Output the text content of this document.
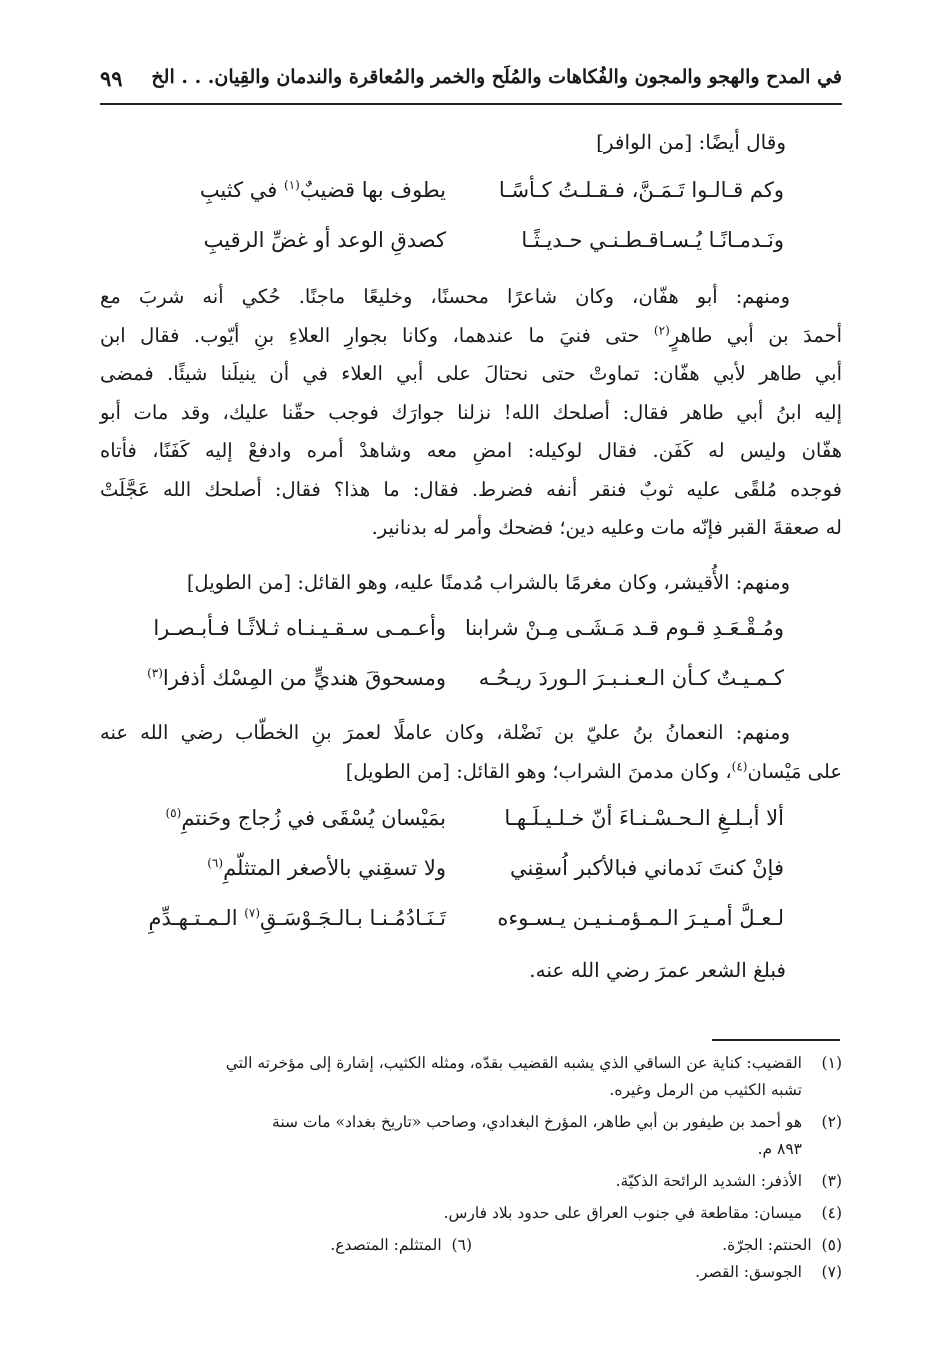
في المدح والهجو والمجون والفُكاهات والمُلَح والخمر والمُعاقرة والندمان والقِيان. . . الخ
٩٩
وقال أيضًا: [من الوافر]
وكم قـالـوا تَـمَـنَّ، فـقـلـتُ كـأسًـا
يطوف بها قضيبٌ$^{(١)}$ في كثيبِ
ونَـدمـانًـا يُـسـاقـطـنـي حـديـثًـا
كصدقِ الوعد أو غضِّ الرقيبِ
ومنهم: أبو هفّان، وكان شاعرًا محسنًا، وخليعًا ماجنًا. حُكي أنه شربَ مع
أحمدَ بن أبي طاهرٍ$^{(٢)}$ حتى فنيَ ما عندهما، وكانا بجوارِ العلاءِ بنِ أيّوب. فقال ابن
أبي طاهر لأبي هفّان: تماوتْ حتى نحتالَ على أبي العلاء في أن ينيلَنا شيئًا. فمضى
إليه ابنُ أبي طاهر فقال: أصلحك الله! نزلنا جوارَك فوجب حقّنا عليك، وقد مات أبو
هفّان وليس له كَفَن. فقال لوكيله: امضِ معه وشاهدْ أمره وادفعْ إليه كَفَنًا، فأتاه
فوجده مُلقًى عليه ثوبٌ فنقر أنفه فضرط. فقال: ما هذا؟ فقال: أصلحك الله عَجَّلَتْ
له صعقةَ القبر فإنّه مات وعليه دين؛ فضحك وأمر له بدنانير.
ومنهم: الأُقيشر، وكان مغرمًا بالشراب مُدمنًا عليه، وهو القائل: [من الطويل]
ومُـقْـعَـدِ قـوم قـد مَـشَـى مِـنْ شرابنا
وأعـمـى سـقـيـنـاه ثـلاثًـا فـأبـصـرا
كـمـيـتٌ كـأن الـعـنـبـرَ الـوردَ ريـحُـه
ومسحوقَ هنديٍّ من المِسْك أذفرا$^{(٣)}$
ومنهم: النعمانُ بنُ عليّ بن نَضْلة، وكان عاملًا لعمرَ بنِ الخطّاب رضي الله عنه
على مَيْسان$^{(٤)}$، وكان مدمنَ الشراب؛ وهو القائل: [من الطويل]
ألا أبـلـغِ الـحـسْـنـاءَ أنّ خـلـيـلَـهـا
بمَيْسان يُسْقَى في زُجاج وحَنتمِ$^{(٥)}$
فإنْ كنتَ نَدماني فبالأكبر اُسقِني
ولا تسقِني بالأصغر المتثلّمِ$^{(٦)}$
لـعـلَّ أمـيـرَ الـمـؤمـنـيـن يـسـوءه
تَـنَـادُمُـنـا بـالـجَـوْسَـقِ$^{(٧)}$ الـمـتـهـدِّمِ
فبلغ الشعر عمرَ رضي الله عنه.
(١)
القضيب: كناية عن الساقي الذي يشبه القضيب بقدّه، ومثله الكثيب، إشارة إلى مؤخرته التي
تشبه الكثيب من الرمل وغيره.
(٢)
هو أحمد بن طيفور بن أبي طاهر، المؤرخ البغدادي، وصاحب «تاريخ بغداد» مات سنة
٨٩٣ م.
(٣)
الأذفر: الشديد الرائحة الذكيّة.
(٤)
ميسان: مقاطعة في جنوب العراق على حدود بلاد فارس.
(٥)  الحنتم: الجرّة.
(٦)  المتثلم: المتصدع.
(٧)
الجوسق: القصر.
